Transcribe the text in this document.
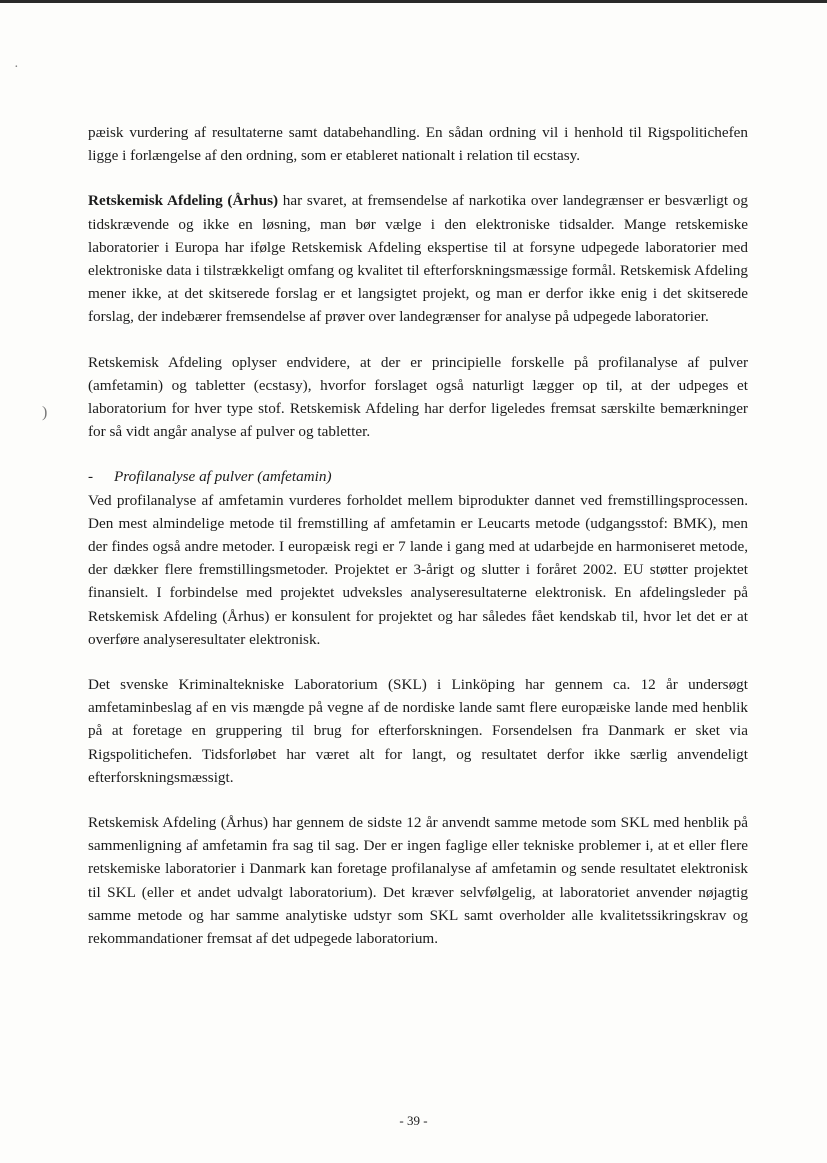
·
)

pæisk vurdering af resultaterne samt databehandling. En sådan ordning vil i henhold til Rigspolitichefen ligge i forlængelse af den ordning, som er etableret nationalt i relation til ecstasy.

Retskemisk Afdeling (Århus) har svaret, at fremsendelse af narkotika over landegrænser er besværligt og tidskrævende og ikke en løsning, man bør vælge i den elektroniske tidsalder. Mange retskemiske laboratorier i Europa har ifølge Retskemisk Afdeling ekspertise til at forsyne udpegede laboratorier med elektroniske data i tilstrækkeligt omfang og kvalitet til efterforskningsmæssige formål. Retskemisk Afdeling mener ikke, at det skitserede forslag er et langsigtet projekt, og man er derfor ikke enig i det skitserede forslag, der indebærer fremsendelse af prøver over landegrænser for analyse på udpegede laboratorier.

Retskemisk Afdeling oplyser endvidere, at der er principielle forskelle på profilanalyse af pulver (amfetamin) og tabletter (ecstasy), hvorfor forslaget også naturligt lægger op til, at der udpeges et laboratorium for hver type stof. Retskemisk Afdeling har derfor ligeledes fremsat særskilte bemærkninger for så vidt angår analyse af pulver og tabletter.

- Profilanalyse af pulver (amfetamin)

Ved profilanalyse af amfetamin vurderes forholdet mellem biprodukter dannet ved fremstillingsprocessen. Den mest almindelige metode til fremstilling af amfetamin er Leucarts metode (udgangsstof: BMK), men der findes også andre metoder. I europæisk regi er 7 lande i gang med at udarbejde en harmoniseret metode, der dækker flere fremstillingsmetoder. Projektet er 3-årigt og slutter i foråret 2002. EU støtter projektet finansielt. I forbindelse med projektet udveksles analyseresultaterne elektronisk. En afdelingsleder på Retskemisk Afdeling (Århus) er konsulent for projektet og har således fået kendskab til, hvor let det er at overføre analyseresultater elektronisk.

Det svenske Kriminaltekniske Laboratorium (SKL) i Linköping har gennem ca. 12 år undersøgt amfetaminbeslag af en vis mængde på vegne af de nordiske lande samt flere europæiske lande med henblik på at foretage en gruppering til brug for efterforskningen. Forsendelsen fra Danmark er sket via Rigspolitichefen. Tidsforløbet har været alt for langt, og resultatet derfor ikke særlig anvendeligt efterforskningsmæssigt.

Retskemisk Afdeling (Århus) har gennem de sidste 12 år anvendt samme metode som SKL med henblik på sammenligning af amfetamin fra sag til sag. Der er ingen faglige eller tekniske problemer i, at et eller flere retskemiske laboratorier i Danmark kan foretage profilanalyse af amfetamin og sende resultatet elektronisk til SKL (eller et andet udvalgt laboratorium). Det kræver selvfølgelig, at laboratoriet anvender nøjagtig samme metode og har samme analytiske udstyr som SKL samt overholder alle kvalitetssikringskrav og rekommandationer fremsat af det udpegede laboratorium.

- 39 -
